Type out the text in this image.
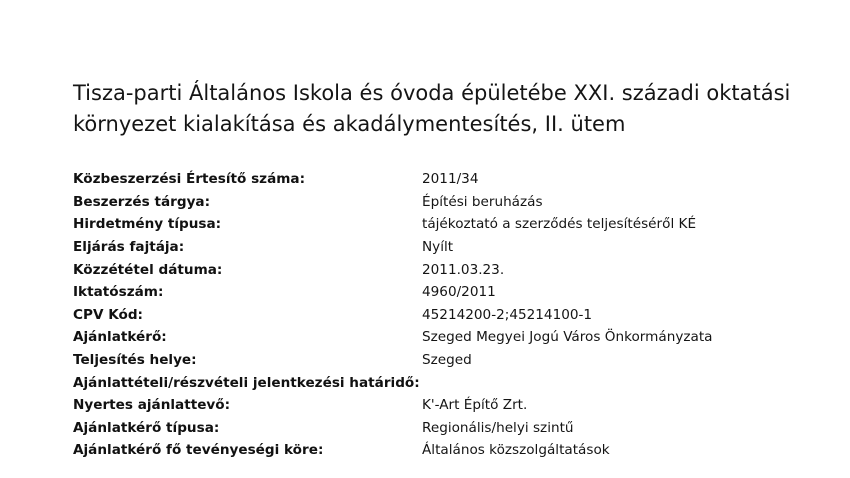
Tisza-parti Általános Iskola és óvoda épületébe XXI. századi oktatási környezet kialakítása és akadálymentesítés, II. ütem
Közbeszerzési Értesítő száma:	2011/34
Beszerzés tárgya:	Építési beruházás
Hirdetmény típusa:	tájékoztató a szerződés teljesítéséről KÉ
Eljárás fajtája:	Nyílt
Közzététel dátuma:	2011.03.23.
Iktatószám:	4960/2011
CPV Kód:	45214200-2;45214100-1
Ajánlatkérő:	Szeged Megyei Jogú Város Önkormányzata
Teljesítés helye:	Szeged
Ajánlattételi/részvételi jelentkezési határidő:
Nyertes ajánlattevő:	K'-Art Építő Zrt.
Ajánlatkérő típusa:	Regionális/helyi szintű
Ajánlatkérő fő tevényeségi köre:	Általános közszolgáltatások
